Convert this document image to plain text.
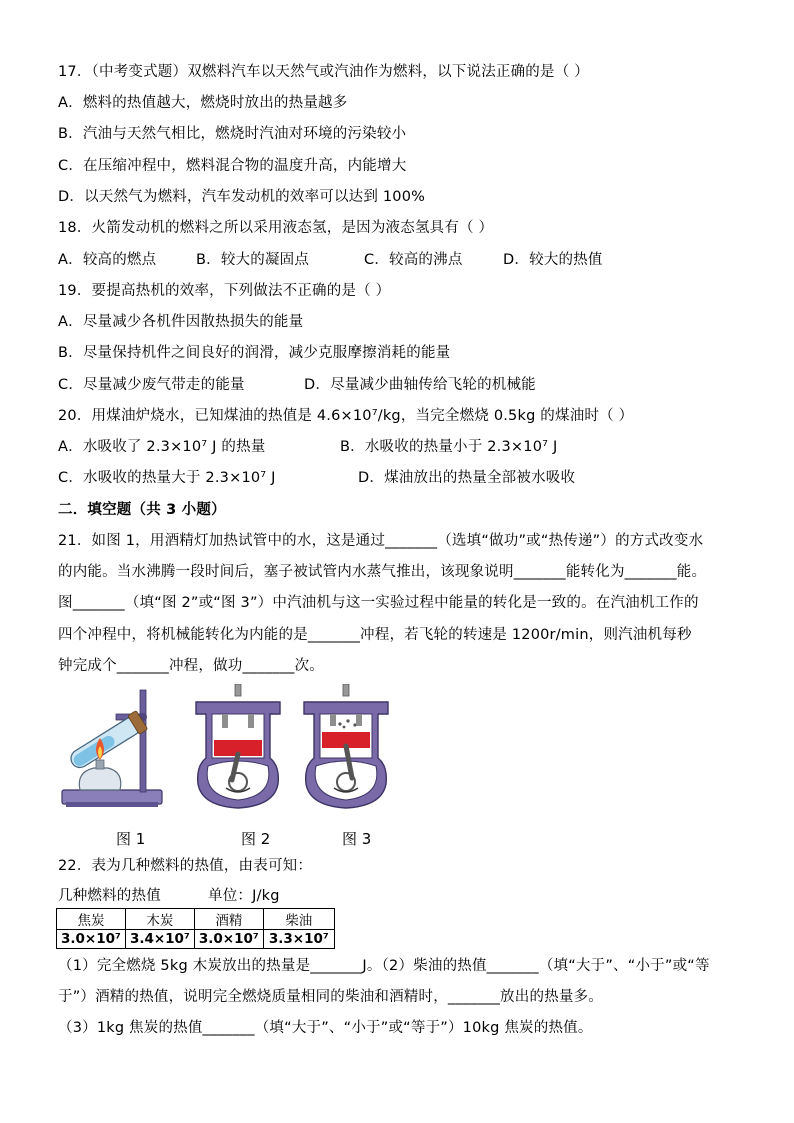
17．（中考变式题）双燃料汽车以天然气或汽油作为燃料，以下说法正确的是（ ）
A．燃料的热值越大，燃烧时放出的热量越多
B．汽油与天然气相比，燃烧时汽油对环境的污染较小
C．在压缩冲程中，燃料混合物的温度升高，内能增大
D．以天然气为燃料，汽车发动机的效率可以达到 100%
18．火箭发动机的燃料之所以采用液态氢，是因为液态氢具有（ ）
A．较高的燃点	B．较大的凝固点	C．较高的沸点	D．较大的热值
19．要提高热机的效率，下列做法不正确的是（ ）
A．尽量减少各机件因散热损失的能量
B．尽量保持机件之间良好的润滑，减少克服摩擦消耗的能量
C．尽量减少废气带走的能量	D．尽量减少曲轴传给飞轮的机械能
20．用煤油炉烧水，已知煤油的热值是 4.6×10⁷/kg，当完全燃烧 0.5kg 的煤油时（ ）
A．水吸收了 2.3×10⁷ J 的热量	B．水吸收的热量小于 2.3×10⁷ J
C．水吸收的热量大于 2.3×10⁷ J	D．煤油放出的热量全部被水吸收
二．填空题（共 3 小题）
21．如图 1，用酒精灯加热试管中的水，这是通过_______（选填“做功”或“热传递”）的方式改变水
的内能。当水沸腾一段时间后，塞子被试管内水蒸气推出，该现象说明_______能转化为_______能。
图_______（填“图 2”或“图 3”）中汽油机与这一实验过程中能量的转化是一致的。在汽油机工作的
四个冲程中，将机械能转化为内能的是_______冲程，若飞轮的转速是 1200r/min，则汽油机每秒
钟完成个_______冲程，做功_______次。
图 1	图 2	图 3
22．表为几种燃料的热值，由表可知：
几种燃料的热值	单位：J/kg
焦炭	木炭	酒精	柴油
3.0×10⁷	3.4×10⁷	3.0×10⁷	3.3×10⁷
（1）完全燃烧 5kg 木炭放出的热量是_______J。（2）柴油的热值_______（填“大于”、“小于”或“等
于”）酒精的热值，说明完全燃烧质量相同的柴油和酒精时，_______放出的热量多。
（3）1kg 焦炭的热值_______（填“大于”、“小于”或“等于”）10kg 焦炭的热值。
